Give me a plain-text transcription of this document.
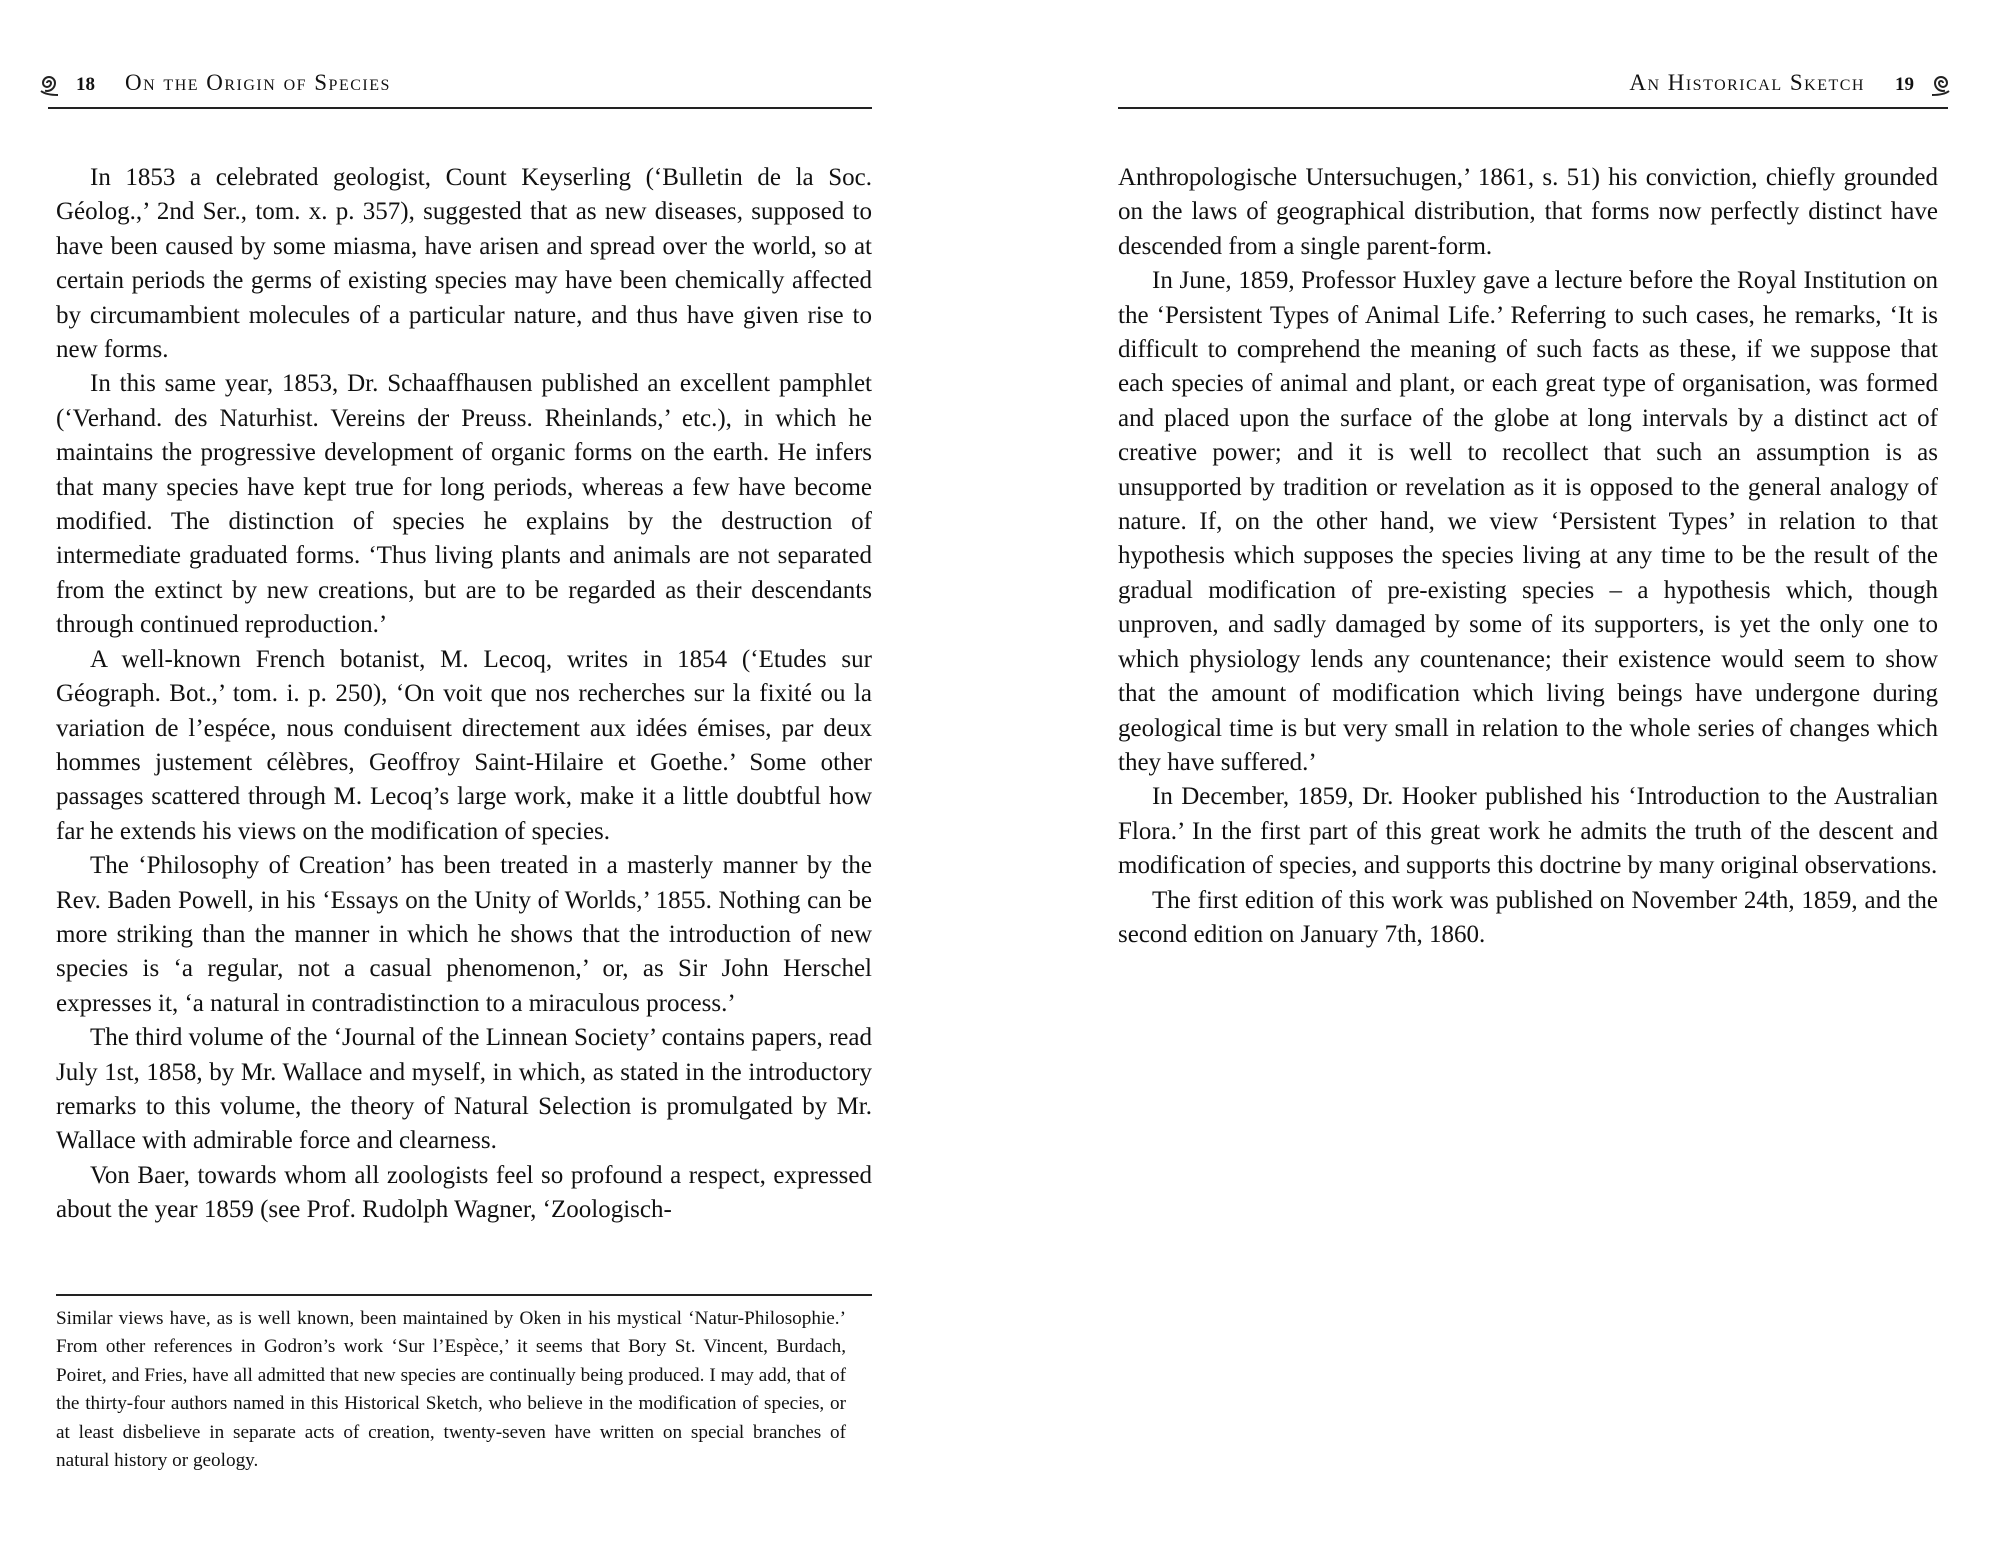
18 On the Origin of Species

In 1853 a celebrated geologist, Count Keyserling (‘Bulletin de la Soc. Géolog.,’ 2nd Ser., tom. x. p. 357), suggested that as new diseases, supposed to have been caused by some miasma, have arisen and spread over the world, so at certain periods the germs of existing species may have been chemically affected by circumambient molecules of a particular nature, and thus have given rise to new forms.

In this same year, 1853, Dr. Schaaffhausen published an excellent pamphlet (‘Verhand. des Naturhist. Vereins der Preuss. Rheinlands,’ etc.), in which he maintains the progressive development of organic forms on the earth. He infers that many species have kept true for long periods, whereas a few have become modified. The distinction of species he explains by the destruction of intermediate graduated forms. ‘Thus living plants and animals are not separated from the extinct by new creations, but are to be regarded as their descendants through continued reproduction.’

A well-known French botanist, M. Lecoq, writes in 1854 (‘Etudes sur Géograph. Bot.,’ tom. i. p. 250), ‘On voit que nos recherches sur la fixité ou la variation de l’espéce, nous conduisent directement aux idées émises, par deux hommes justement célèbres, Geoffroy Saint-Hilaire et Goethe.’ Some other passages scattered through M. Lecoq’s large work, make it a little doubtful how far he extends his views on the modification of species.

The ‘Philosophy of Creation’ has been treated in a masterly manner by the Rev. Baden Powell, in his ‘Essays on the Unity of Worlds,’ 1855. Nothing can be more striking than the manner in which he shows that the introduction of new species is ‘a regular, not a casual phenomenon,’ or, as Sir John Herschel expresses it, ‘a natural in contradistinction to a miraculous process.’

The third volume of the ‘Journal of the Linnean Society’ contains papers, read July 1st, 1858, by Mr. Wallace and myself, in which, as stated in the introductory remarks to this volume, the theory of Natural Selection is promulgated by Mr. Wallace with admirable force and clearness.

Von Baer, towards whom all zoologists feel so profound a respect, expressed about the year 1859 (see Prof. Rudolph Wagner, ‘Zoologisch-

Similar views have, as is well known, been maintained by Oken in his mystical ‘Natur-Philosophie.’ From other references in Godron’s work ‘Sur l’Espèce,’ it seems that Bory St. Vincent, Burdach, Poiret, and Fries, have all admitted that new species are continually being produced. I may add, that of the thirty-four authors named in this Historical Sketch, who believe in the modification of species, or at least disbelieve in separate acts of creation, twenty-seven have written on special branches of natural history or geology.

An Historical Sketch 19

Anthropologische Untersuchugen,’ 1861, s. 51) his conviction, chiefly grounded on the laws of geographical distribution, that forms now perfectly distinct have descended from a single parent-form.

In June, 1859, Professor Huxley gave a lecture before the Royal Institution on the ‘Persistent Types of Animal Life.’ Referring to such cases, he remarks, ‘It is difficult to comprehend the meaning of such facts as these, if we suppose that each species of animal and plant, or each great type of organisation, was formed and placed upon the surface of the globe at long intervals by a distinct act of creative power; and it is well to recollect that such an assumption is as unsupported by tradition or revelation as it is opposed to the general analogy of nature. If, on the other hand, we view ‘Persistent Types’ in relation to that hypothesis which supposes the species living at any time to be the result of the gradual modification of pre-existing species – a hypothesis which, though unproven, and sadly damaged by some of its supporters, is yet the only one to which physiology lends any countenance; their existence would seem to show that the amount of modification which living beings have undergone during geological time is but very small in relation to the whole series of changes which they have suffered.’

In December, 1859, Dr. Hooker published his ‘Introduction to the Australian Flora.’ In the first part of this great work he admits the truth of the descent and modification of species, and supports this doctrine by many original observations.

The first edition of this work was published on November 24th, 1859, and the second edition on January 7th, 1860.
